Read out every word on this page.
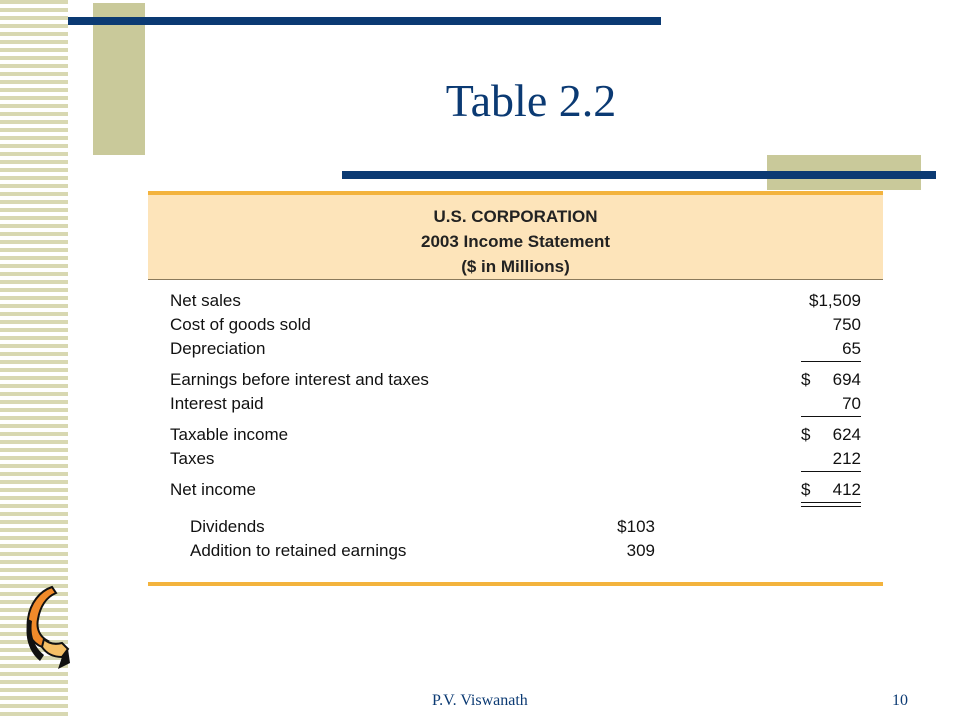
Table 2.2
U.S. CORPORATION
2003 Income Statement
($ in Millions)
Net sales	$1,509
Cost of goods sold	750
Depreciation	65
Earnings before interest and taxes	$ 694
Interest paid	70
Taxable income	$ 624
Taxes	212
Net income	$ 412
Dividends	$103
Addition to retained earnings	309
P.V. Viswanath	10
